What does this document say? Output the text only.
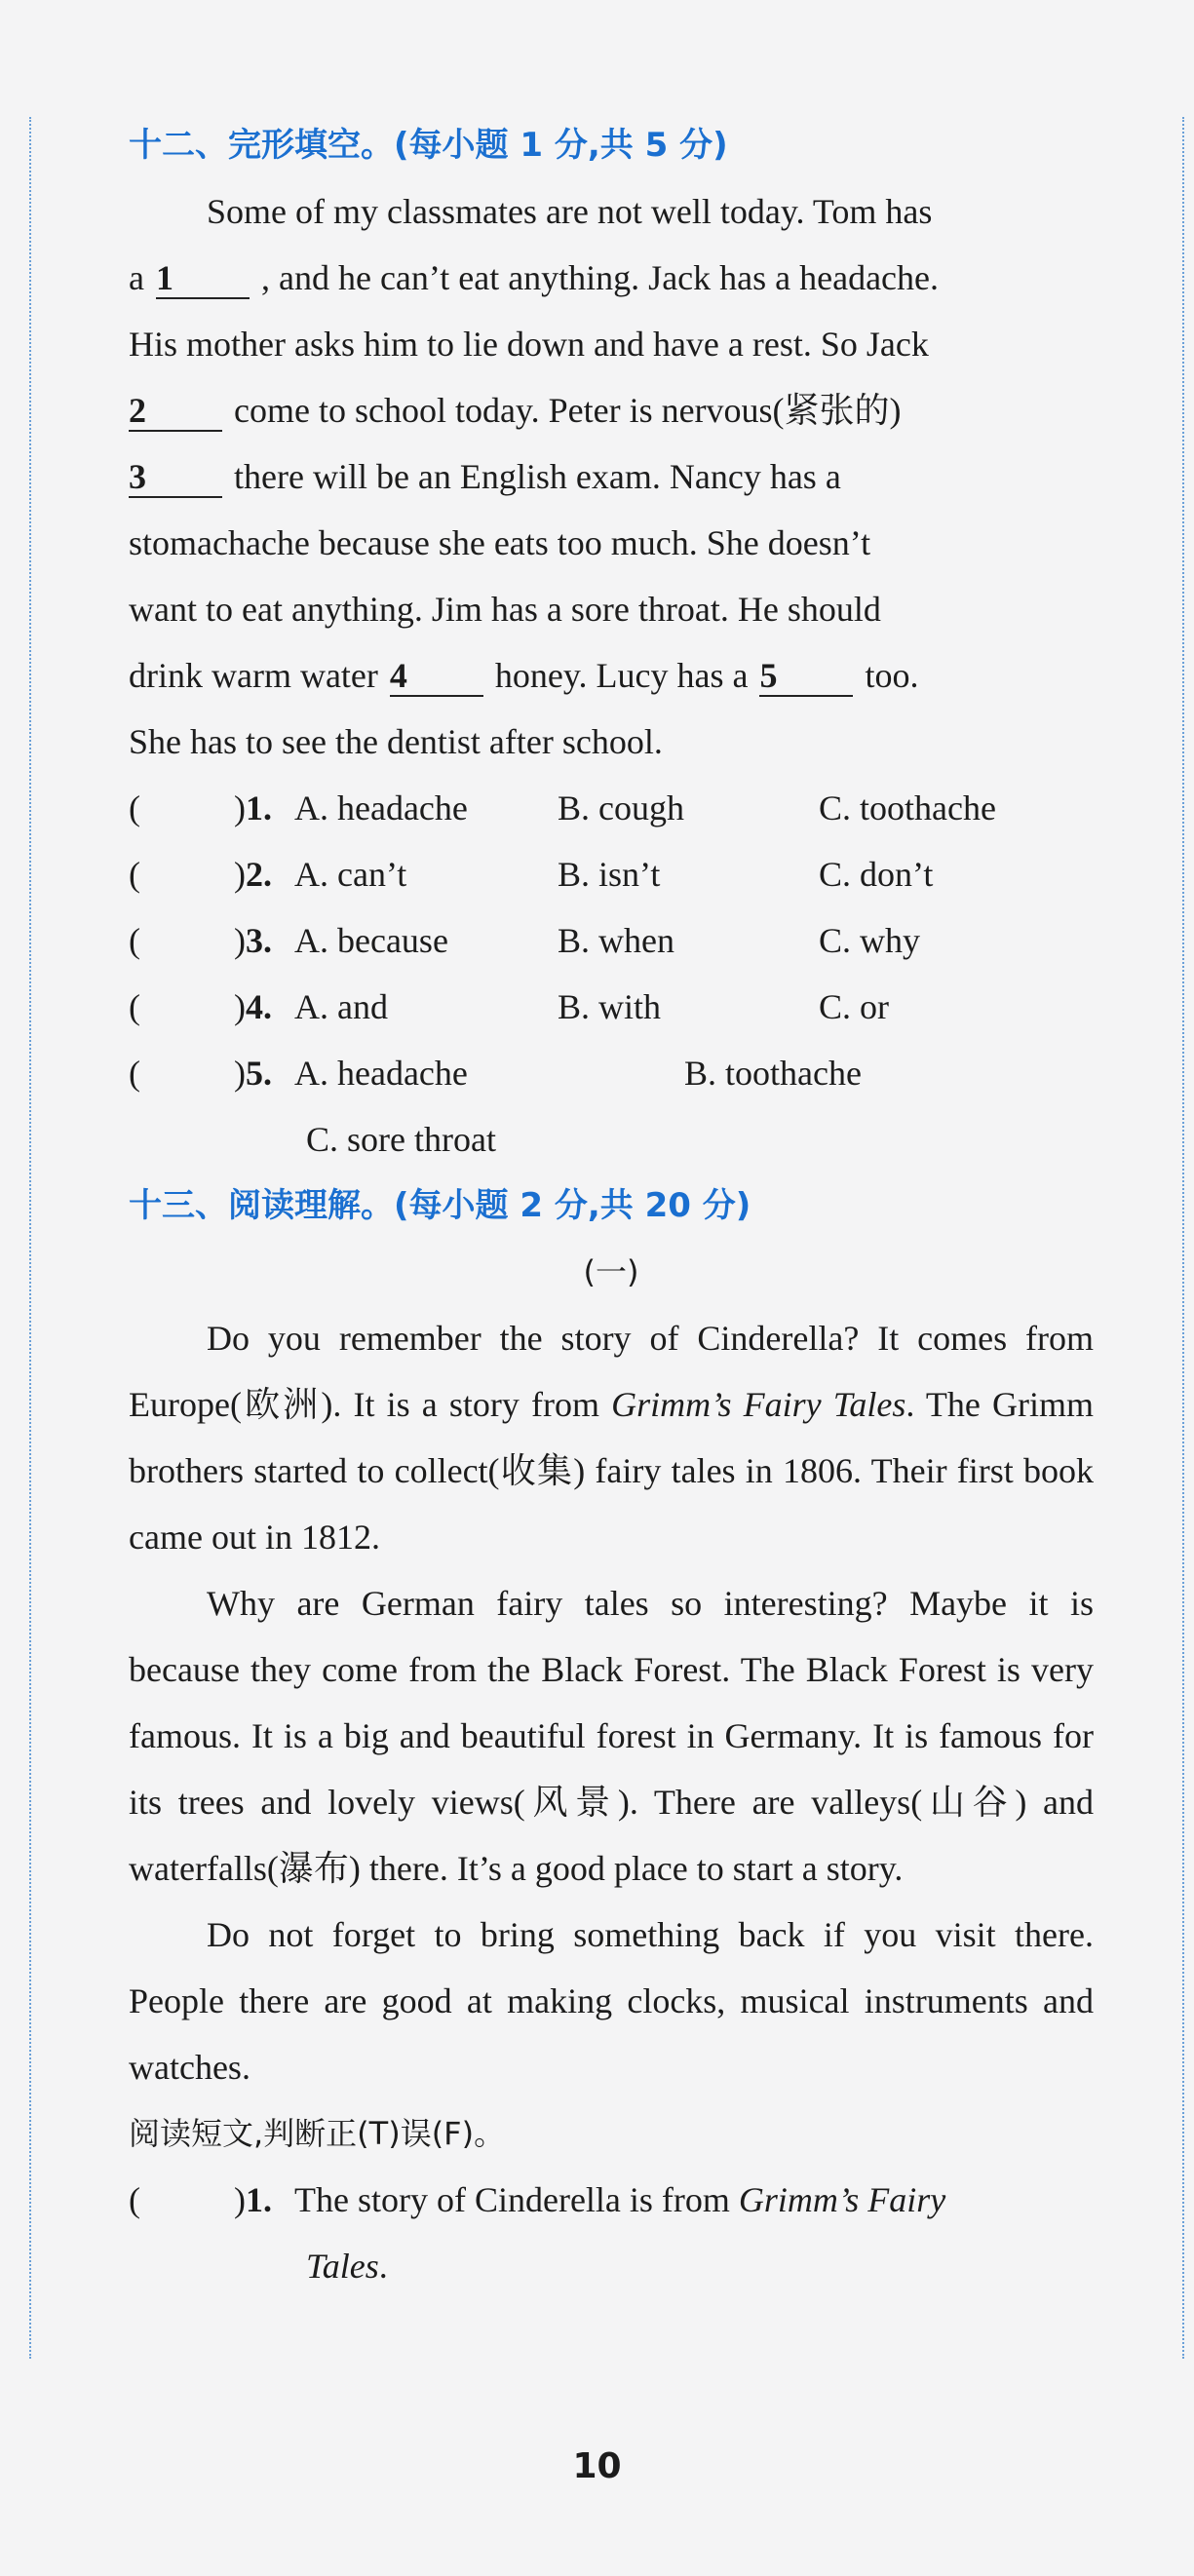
十二、完形填空。(每小题 1 分,共 5 分)

Some of my classmates are not well today. Tom has

a 1	, and he can’t eat anything. Jack has a headache.

His mother asks him to lie down and have a rest. So Jack

2	come to school today. Peter is nervous(紧张的)

3	there will be an English exam. Nancy has a

stomachache because she eats too much. She doesn’t

want to eat anything. Jim has a sore throat. He should

drink warm water 4	honey. Lucy has a 5	too.

She has to see the dentist after school.

(	) 1. A. headache	B. cough	C. toothache
(	) 2. A. can’t	B. isn’t	C. don’t
(	) 3. A. because	B. when	C. why
(	) 4. A. and	B. with	C. or
(	) 5. A. headache	B. toothache
C. sore throat
十三、阅读理解。(每小题 2 分,共 20 分)
(一)

Do you remember the story of Cinderella? It comes from Europe(欧洲). It is a story from Grimm’s Fairy Tales. The Grimm brothers started to collect(收集) fairy tales in 1806. Their first book came out in 1812.

Why are German fairy tales so interesting? Maybe it is because they come from the Black Forest. The Black Forest is very famous. It is a big and beautiful forest in Germany. It is famous for its trees and lovely views(风景). There are valleys(山谷) and waterfalls(瀑布) there. It’s a good place to start a story.

Do not forget to bring something back if you visit there. People there are good at making clocks, musical instruments and watches.

阅读短文,判断正(T)误(F)。
(	) 1. The story of Cinderella is from Grimm’s Fairy
Tales.
10
